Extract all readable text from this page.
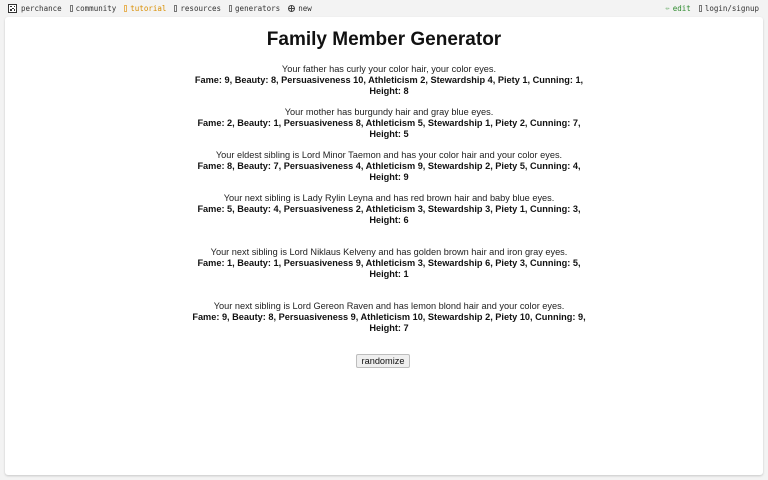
perchance community tutorial resources generators new	✏ edit login/signup
Family Member Generator
Your father has curly your color hair, your color eyes.
Fame: 9, Beauty: 8, Persuasiveness 10, Athleticism 2, Stewardship 4, Piety 1, Cunning: 1, Height: 8
Your mother has burgundy hair and gray blue eyes.
Fame: 2, Beauty: 1, Persuasiveness 8, Athleticism 5, Stewardship 1, Piety 2, Cunning: 7, Height: 5
Your eldest sibling is Lord Minor Taemon and has your color hair and your color eyes.
Fame: 8, Beauty: 7, Persuasiveness 4, Athleticism 9, Stewardship 2, Piety 5, Cunning: 4, Height: 9
Your next sibling is Lady Rylin Leyna and has red brown hair and baby blue eyes.
Fame: 5, Beauty: 4, Persuasiveness 2, Athleticism 3, Stewardship 3, Piety 1, Cunning: 3, Height: 6
Your next sibling is Lord Niklaus Kelveny and has golden brown hair and iron gray eyes.
Fame: 1, Beauty: 1, Persuasiveness 9, Athleticism 3, Stewardship 6, Piety 3, Cunning: 5, Height: 1
Your next sibling is Lord Gereon Raven and has lemon blond hair and your color eyes.
Fame: 9, Beauty: 8, Persuasiveness 9, Athleticism 10, Stewardship 2, Piety 10, Cunning: 9, Height: 7
randomize
